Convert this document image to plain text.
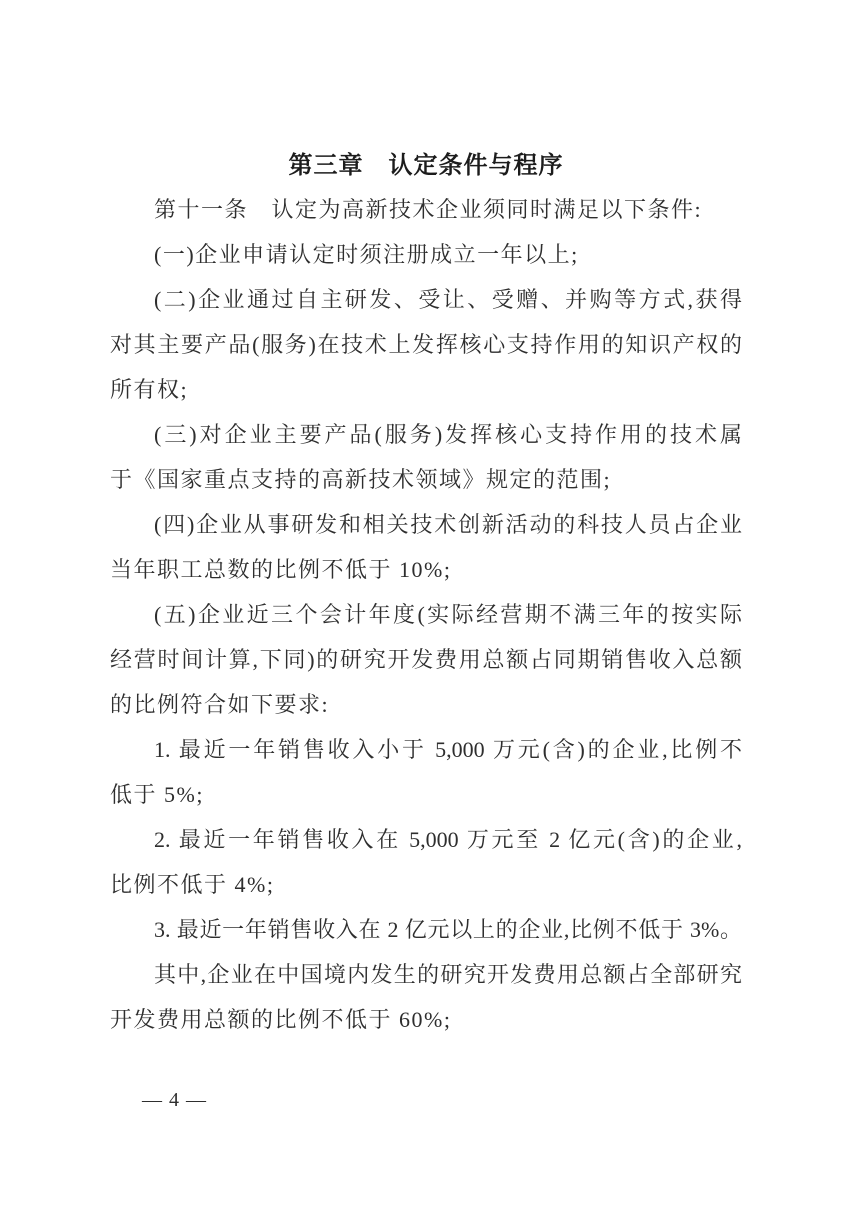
第三章　认定条件与程序
第十一条　认定为高新技术企业须同时满足以下条件:
(一)企业申请认定时须注册成立一年以上;
(二)企业通过自主研发、受让、受赠、并购等方式,获得
对其主要产品(服务)在技术上发挥核心支持作用的知识产权的
所有权;
(三)对企业主要产品(服务)发挥核心支持作用的技术属
于《国家重点支持的高新技术领域》规定的范围;
(四)企业从事研发和相关技术创新活动的科技人员占企业
当年职工总数的比例不低于 10%;
(五)企业近三个会计年度(实际经营期不满三年的按实际
经营时间计算,下同)的研究开发费用总额占同期销售收入总额
的比例符合如下要求:
1. 最近一年销售收入小于 5,000 万元(含)的企业,比例不
低于 5%;
2. 最近一年销售收入在 5,000 万元至 2 亿元(含)的企业,
比例不低于 4%;
3. 最近一年销售收入在 2 亿元以上的企业,比例不低于 3%。
其中,企业在中国境内发生的研究开发费用总额占全部研究
开发费用总额的比例不低于 60%;
— 4 —
